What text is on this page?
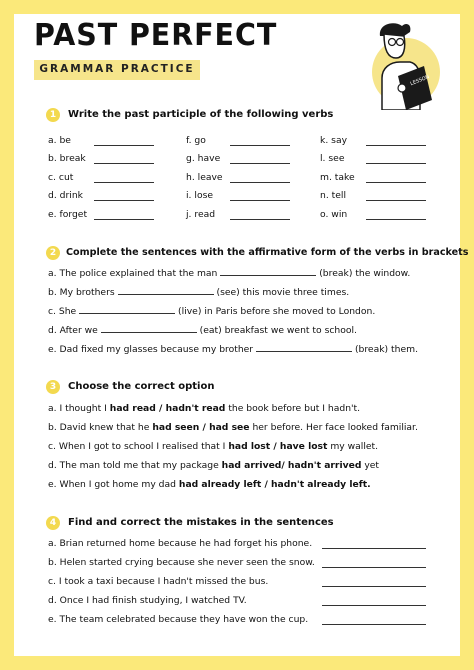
PAST PERFECT
GRAMMAR PRACTICE
LESSON
1	Write the past participle of the following verbs
a. be
b. break
c. cut
d. drink
e. forget
f. go
g. have
h. leave
i. lose
j. read
k. say
l. see
m. take
n. tell
o. win
2	Complete the sentences with the affirmative form of the verbs in brackets
a. The police explained that the man	(break) the window.
b. My brothers	(see) this movie three times.
c. She	(live) in Paris before she moved to London.
d. After we	(eat) breakfast we went to school.
e. Dad fixed my glasses because my brother	(break) them.
3	Choose the correct option
a. I thought I had read / hadn't read the book before but I hadn't.
b. David knew that he had seen / had see her before. Her face looked familiar.
c. When I got to school I realised that I had lost / have lost my wallet.
d. The man told me that my package had arrived/ hadn't arrived yet
e. When I got home my dad had already left / hadn't already left.
4	Find and correct the mistakes in the sentences
a. Brian returned home because he had forget his phone.
b. Helen started crying because she never seen the snow.
c. I took a taxi because I hadn't missed the bus.
d. Once I had finish studying, I watched TV.
e. The team celebrated because they have won the cup.
